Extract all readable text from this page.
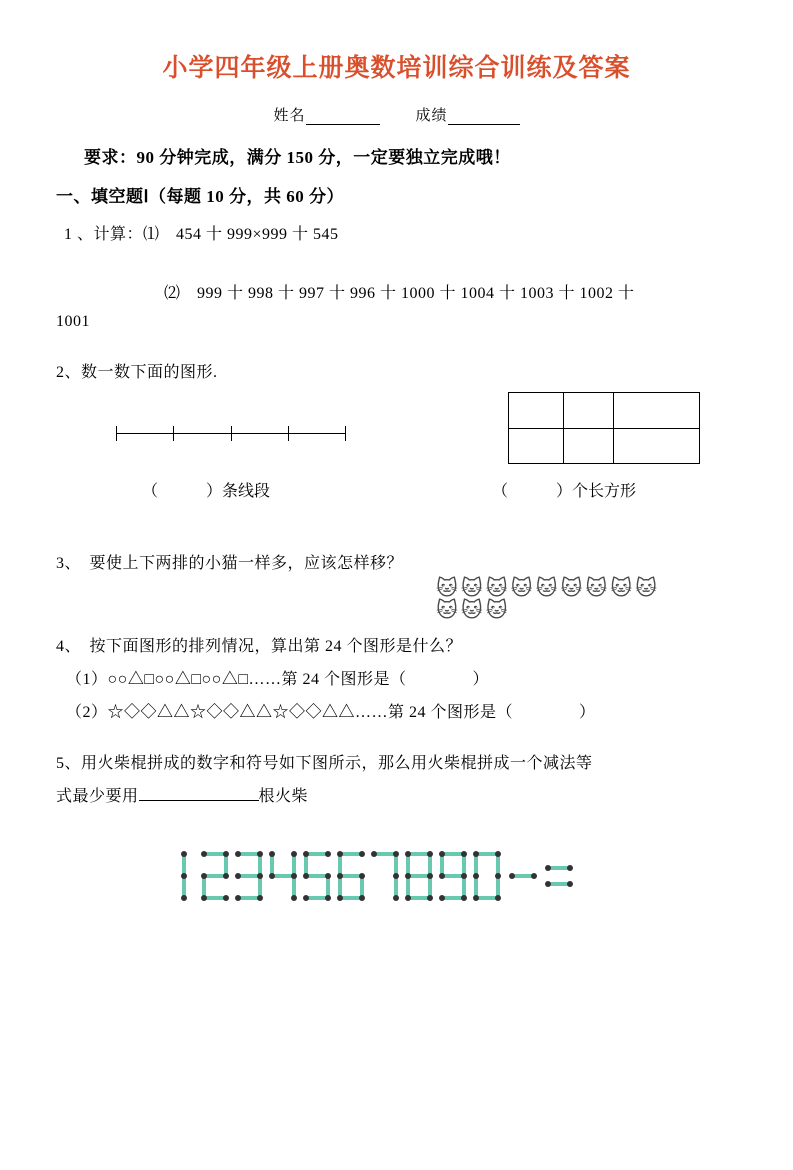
小学四年级上册奥数培训综合训练及答案
姓名	成绩
要求：90 分钟完成，满分 150 分，一定要独立完成哦！
一、填空题Ⅰ（每题 10 分，共 60 分）
1 、计算：⑴　454 十 999×999 十 545
⑵　999 十 998 十 997 十 996 十 1000 十 1004 十 1003 十 1002 十
1001
2、数一数下面的图形.
（　　　）条线段	（　　　）个长方形
3、　要使上下两排的小猫一样多，应该怎样移？
🐱🐱🐱🐱🐱🐱🐱🐱🐱
🐱🐱🐱
4、　按下面图形的排列情况，算出第 24 个图形是什么？
（1）○○△□○○△□○○△□……第 24 个图形是（　　　　）
（2）☆◇◇△△☆◇◇△△☆◇◇△△……第 24 个图形是（　　　　）
5、用火柴棍拼成的数字和符号如下图所示，那么用火柴棍拼成一个减法等
式最少要用	根火柴
